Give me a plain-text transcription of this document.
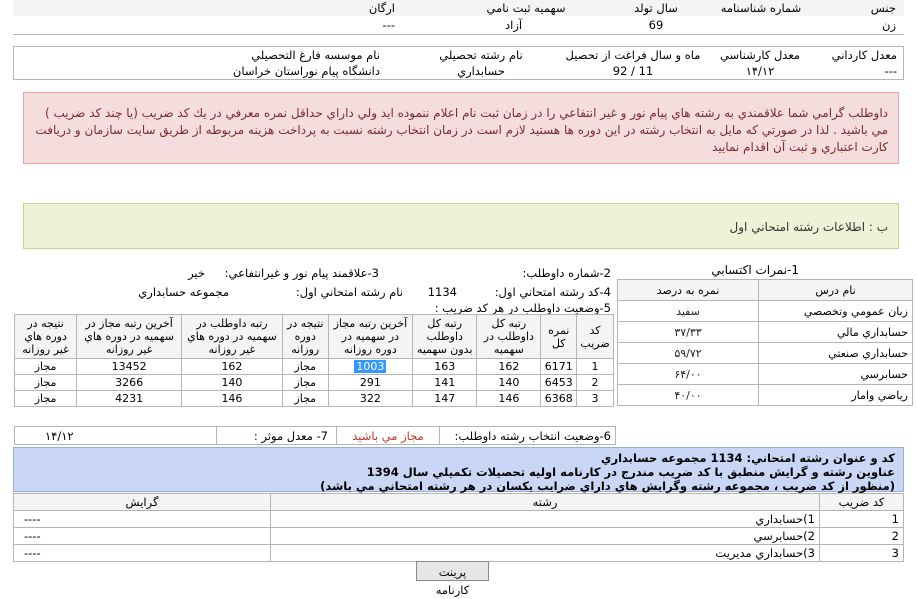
جنس	شماره شناسنامه	سال تولد	سهميه ثبت نامي	ارگان
زن		69	آزاد	---
معدل کارداني	معدل کارشناسي	ماه و سال فراغت از تحصيل	نام رشته تحصيلي	نام موسسه فارغ التحصيلي
---	۱۴/۱۲	92 / 11	حسابداري	دانشگاه پيام نوراستان خراسان
داوطلب گرامي شما علاقمندي به رشته هاي پيام نور و غير انتفاعي را در زمان ثبت نام اعلام ننموده ايد ولي داراي حداقل نمره معرفي در يك كد ضريب (يا چند كد ضريب ) مي باشيد . لذا در صورتي كه مايل به انتخاب رشته در اين دوره ها هستيد لازم است در زمان انتخاب رشته نسبت به پرداخت هزينه مربوطه از طريق سايت سازمان و دريافت كارت اعتباري و ثبت آن اقدام نماييد
ب : اطلاعات رشته امتحاني اول
1-نمرات اكتسابي
نام درس	نمره به درصد
زبان عمومي وتخصصي	سفيد
حسابداري مالي	۳۷/۳۳
حسابداري صنعتي	۵۹/۷۲
حسابرسي	۶۴/۰۰
رياضي وامار	۴۰/۰۰
2-شماره داوطلب:
3-علاقمند پيام نور و غيرانتفاعي:
خير
4-كد رشته امتحاني اول:
1134
نام رشته امتحاني اول:
مجموعه حسابداري
5-وضعيت داوطلب در هر كد ضريب :
كد ضريب	نمره كل	رتبه كل داوطلب در سهميه	رتبه كل داوطلب بدون سهميه	آخرين رتبه مجاز در سهميه در دوره روزانه	نتيجه در دوره روزانه	رتبه داوطلب در سهميه در دوره هاي غير روزانه	آخرين رتبه مجاز در سهميه در دوره هاي غير روزانه	نتيجه در دوره هاي غير روزانه
1	6171	162	163	1003	مجاز	162	13452	مجاز
2	6453	140	141	291	مجاز	140	3266	مجاز
3	6368	146	147	322	مجاز	146	4231	مجاز
6-وضعيت انتخاب رشته داوطلب:	مجاز مي باشيد	7- معدل موثر :	۱۴/۱۲
كد و عنوان رشته امتحاني: 1134 مجموعه حسابداري
عناوين رشته و گرايش منطبق با كد ضريب مندرج در كارنامه اوليه تحصيلات تكميلي سال 1394
(منظور از كد ضريب ، مجموعه رشته وگرايش هاي داراي ضرايب يكسان در هر رشته امتحاني مي باشد)
كد ضريب	رشته	گرايش
1	1)حسابداري	----
2	2)حسابرسي	----
3	3)حسابداري مديريت	----
پرينت كارنامه
